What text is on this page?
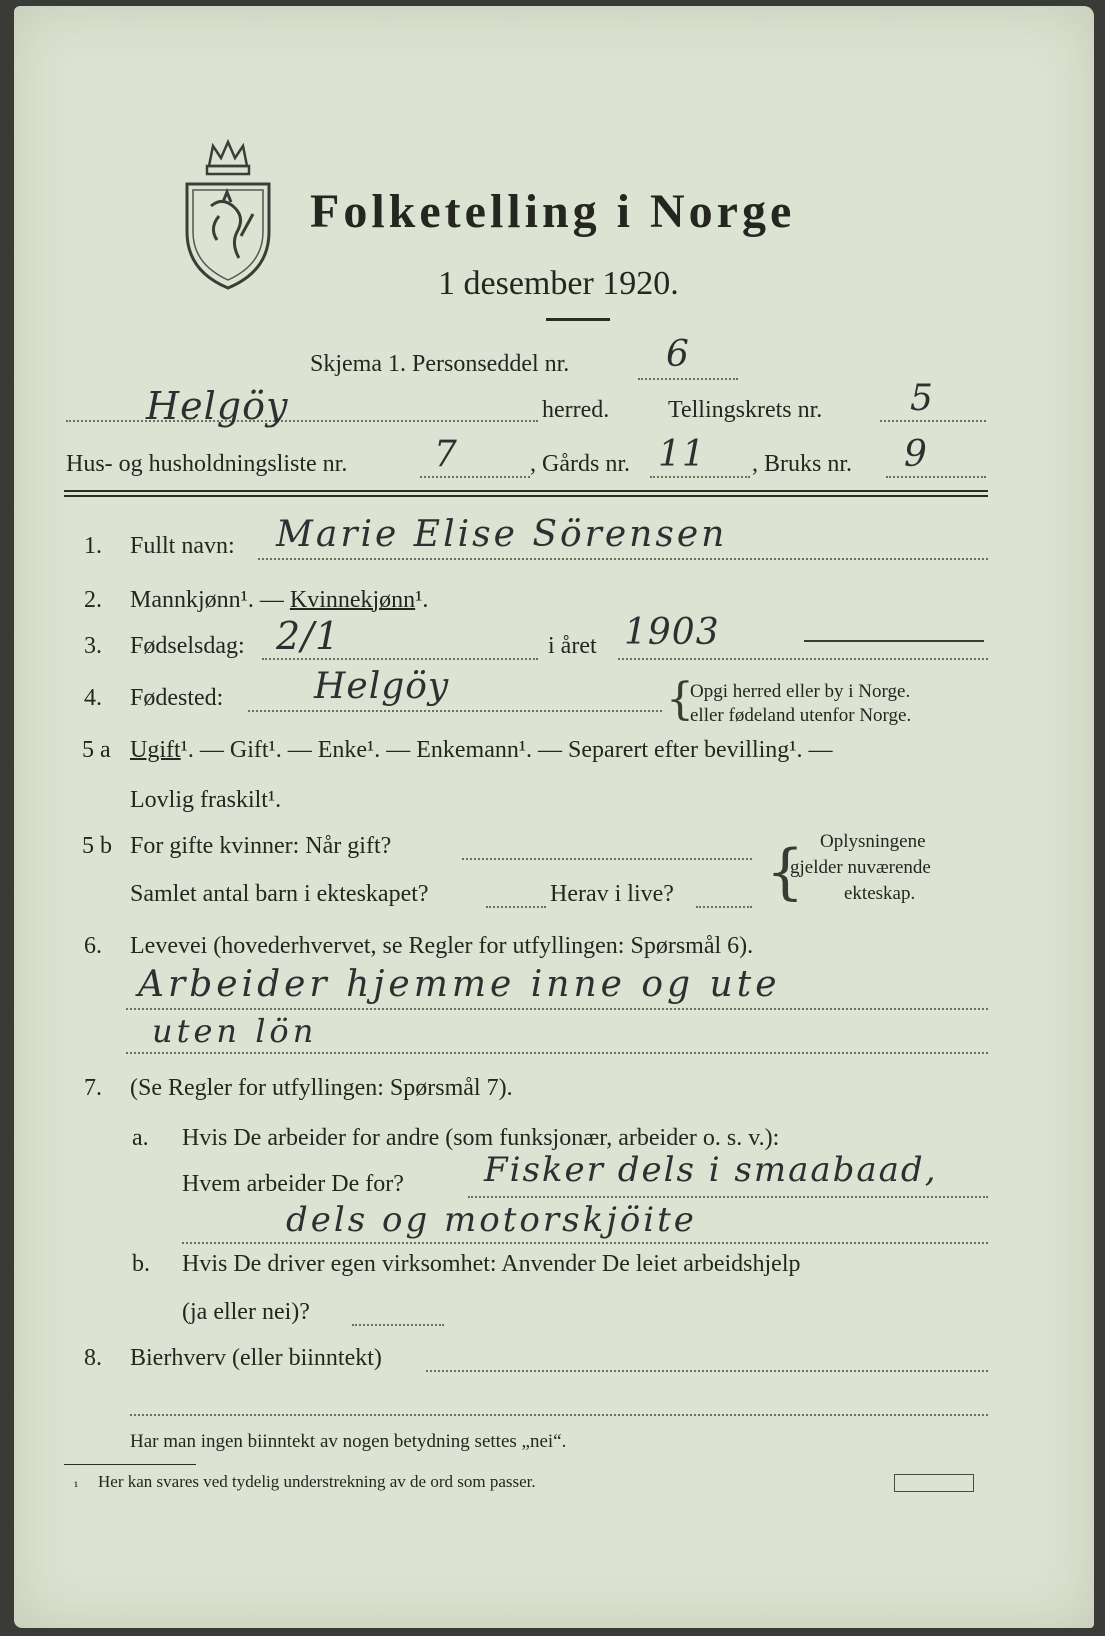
Folketelling i Norge
1 desember 1920.
Skjema 1. Personseddel nr.	6
Helgöy	herred. Tellingskrets nr. 5
Hus- og husholdningsliste nr. 7	, Gårds nr. 11 , Bruks nr. 9
1. Fullt navn: Marie Elise Sörensen
2. Mannkjønn¹. — Kvinnekjønn¹.
3. Fødselsdag: 2/1	i året 1903
4. Fødested:	Helgöy	{
Opgi herred eller by i Norge.
eller fødeland utenfor Norge.
5 a Ugift¹. — Gift¹. — Enke¹. — Enkemann¹. — Separert efter bevilling¹. —
Lovlig fraskilt¹.
5 b For gifte kvinner: Når gift?
Samlet antal barn i ekteskapet?	Herav i live? { Oplysningene
gjelder nuværende
ekteskap.
6. Levevei (hovederhvervet, se Regler for utfyllingen: Spørsmål 6).
Arbeider hjemme inne og ute
uten lön
7. (Se Regler for utfyllingen: Spørsmål 7).
a. Hvis De arbeider for andre (som funksjonær, arbeider o. s. v.):
Hvem arbeider De for? Fisker dels i smaabaad,
dels og motorskjöite
b. Hvis De driver egen virksomhet: Anvender De leiet arbeidshjelp
(ja eller nei)?
8. Bierhverv (eller biinntekt)
Har man ingen biinntekt av nogen betydning settes „nei“.
¹ Her kan svares ved tydelig understrekning av de ord som passer.
